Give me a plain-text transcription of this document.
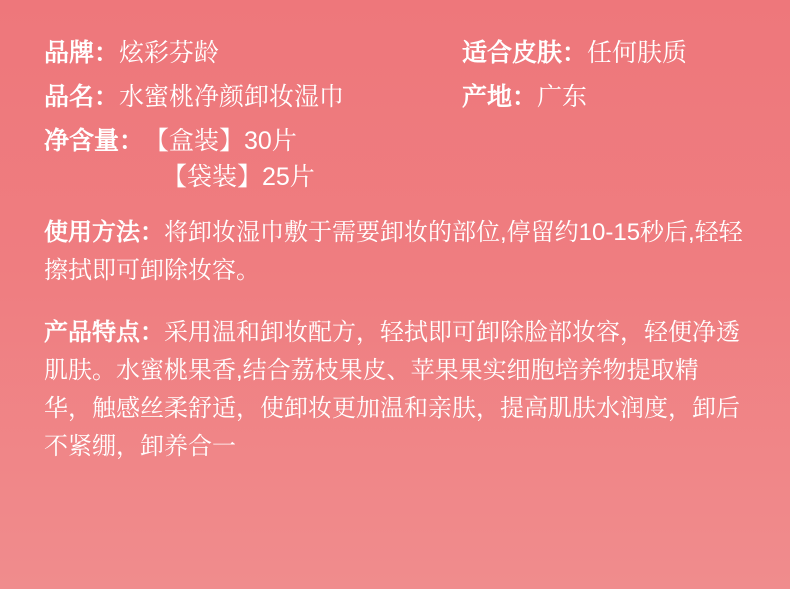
品牌： 炫彩芬龄	适合皮肤： 任何肤质
品名： 水蜜桃净颜卸妆湿巾	产地： 广东
净含量： 【盒装】30片
【袋装】25片
使用方法：将卸妆湿巾敷于需要卸妆的部位,停留约10-15秒后,轻轻擦拭即可卸除妆容。
产品特点：采用温和卸妆配方，轻拭即可卸除脸部妆容，轻便净透肌肤。水蜜桃果香,结合荔枝果皮、苹果果实细胞培养物提取精华，触感丝柔舒适，使卸妆更加温和亲肤，提高肌肤水润度，卸后不紧绷，卸养合一
